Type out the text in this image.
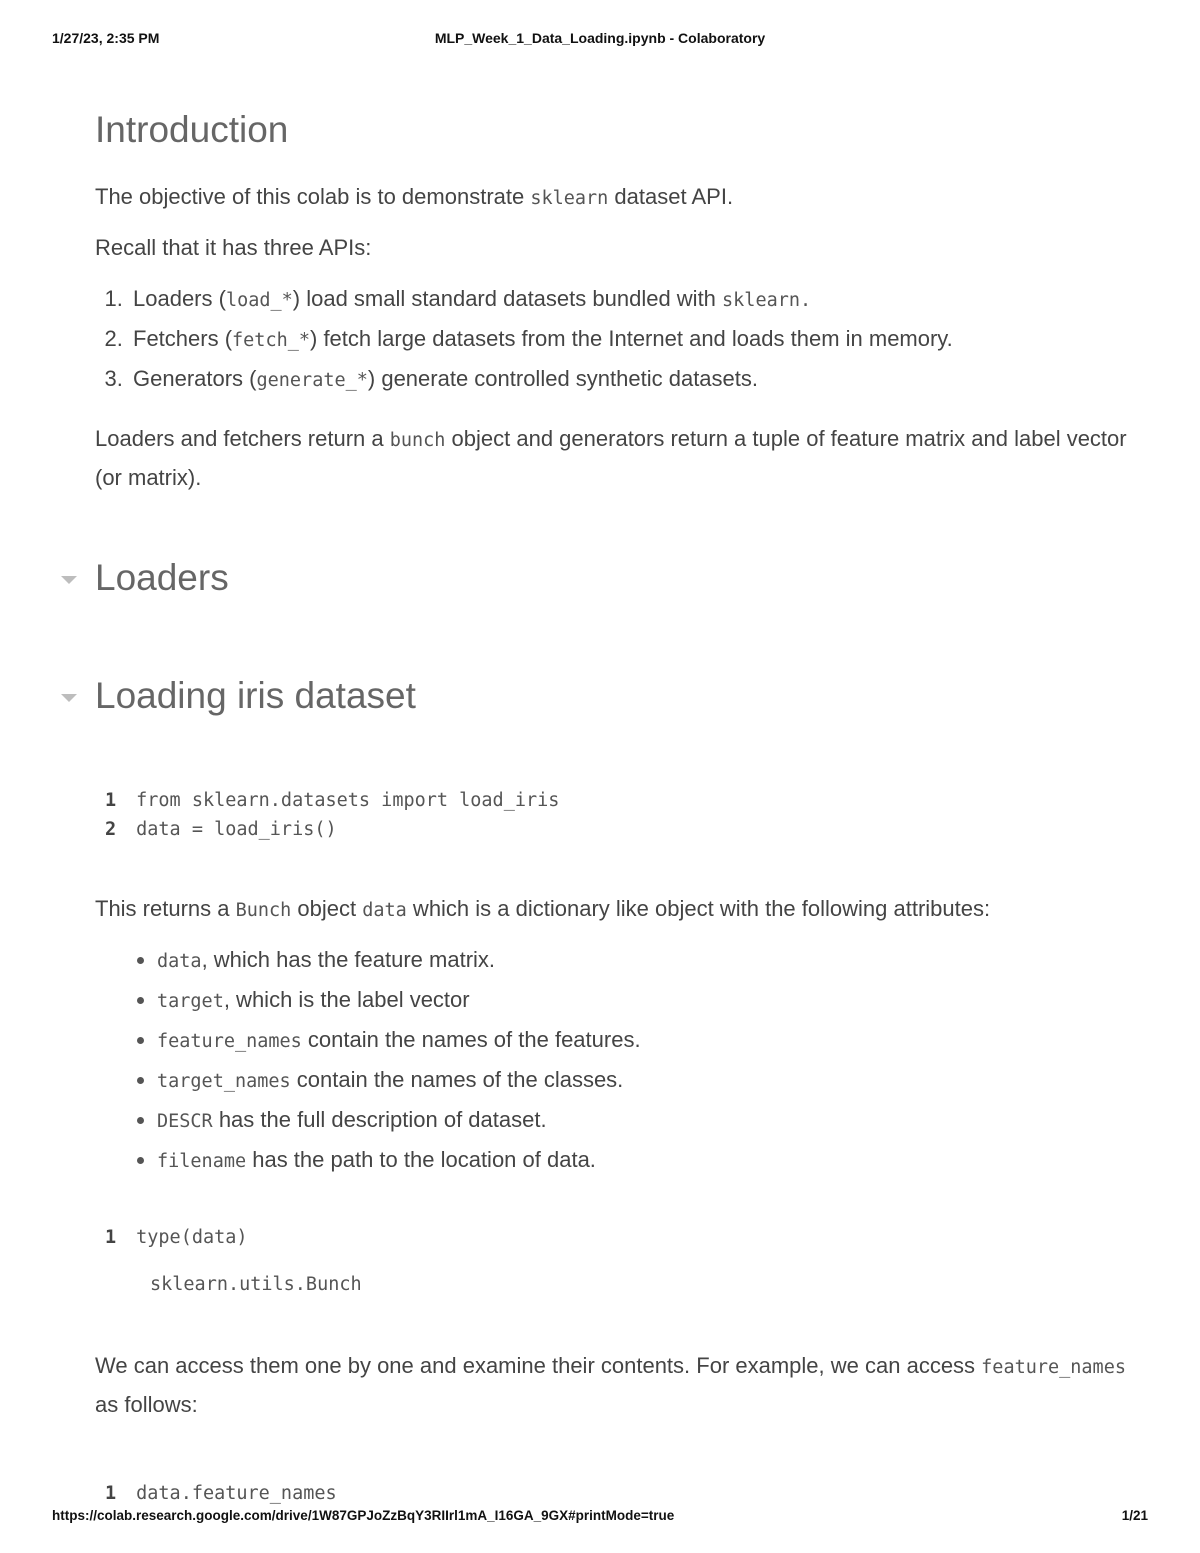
1/27/23, 2:35 PM	MLP_Week_1_Data_Loading.ipynb - Colaboratory
Introduction

The objective of this colab is to demonstrate sklearn dataset API.

Recall that it has three APIs:

1. Loaders (load_*) load small standard datasets bundled with sklearn.
2. Fetchers (fetch_*) fetch large datasets from the Internet and loads them in memory.
3. Generators (generate_*) generate controlled synthetic datasets.

Loaders and fetchers return a bunch object and generators return a tuple of feature matrix and label vector (or matrix).

Loaders
Loading iris dataset
1 from sklearn.datasets import load_iris
2 data = load_iris()

This returns a Bunch object data which is a dictionary like object with the following attributes:

• data, which has the feature matrix.
• target, which is the label vector
• feature_names contain the names of the features.
• target_names contain the names of the classes.
• DESCR has the full description of dataset.
• filename has the path to the location of data.
1 type(data)
sklearn.utils.Bunch

We can access them one by one and examine their contents. For example, we can access feature_names as follows:

1 data.feature_names
https://colab.research.google.com/drive/1W87GPJoZzBqY3RIIrl1mA_I16GA_9GX#printMode=true	1/21
